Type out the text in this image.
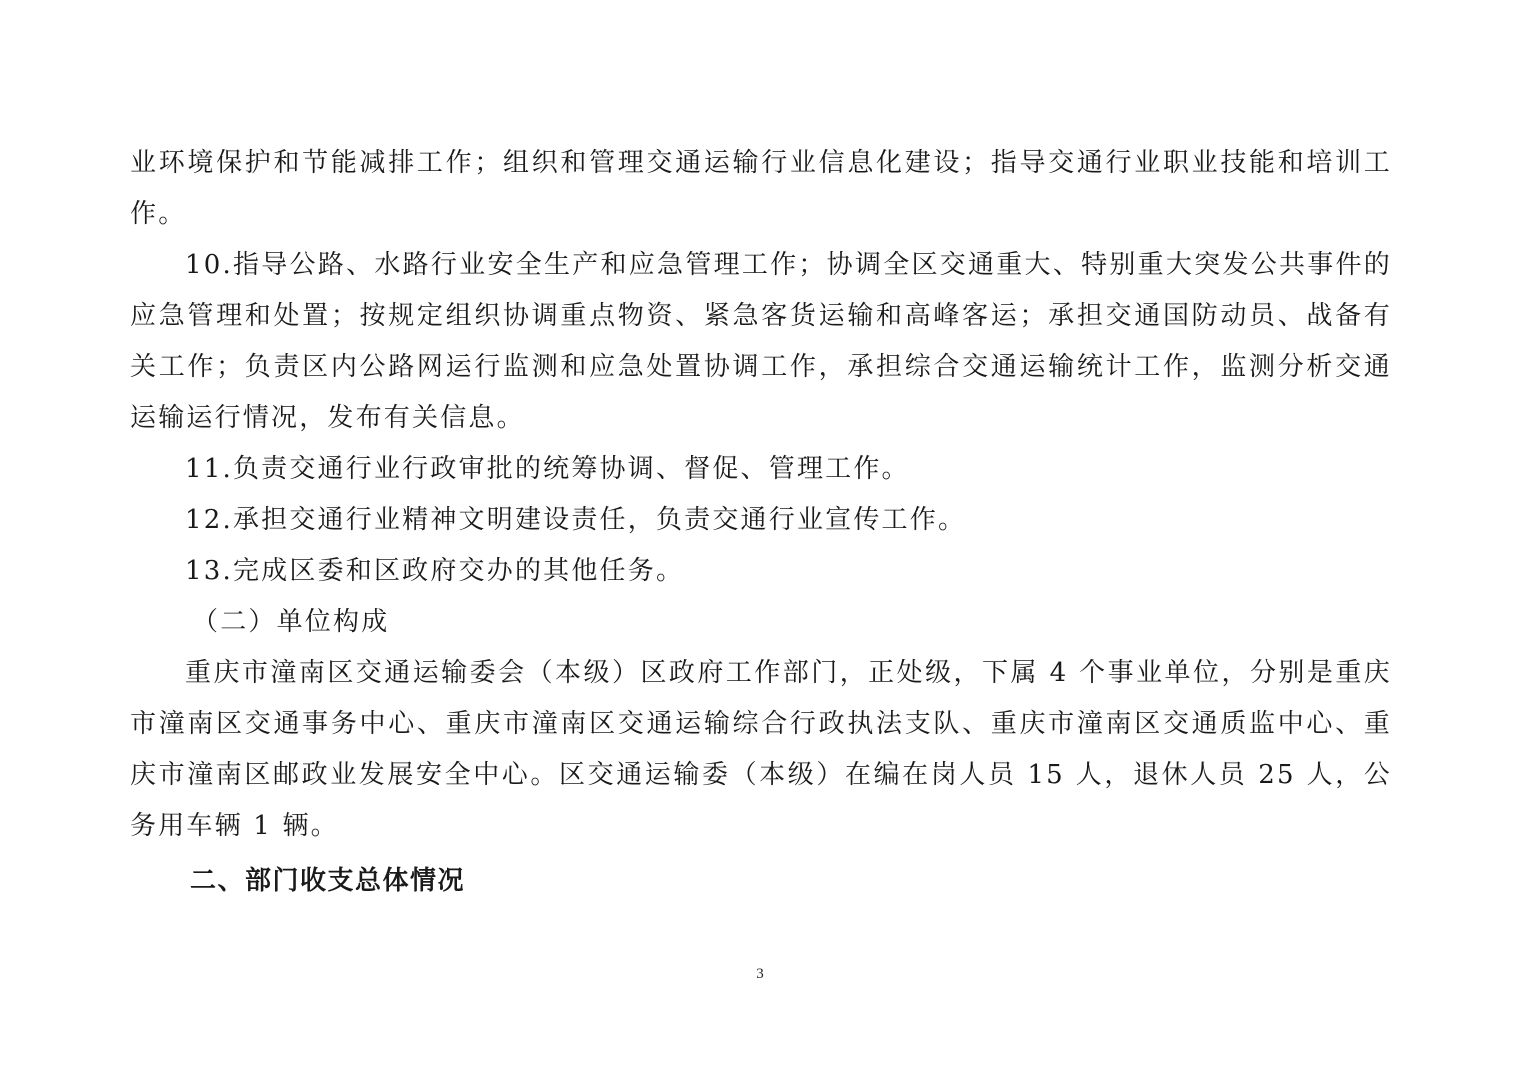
业环境保护和节能减排工作；组织和管理交通运输行业信息化建设；指导交通行业职业技能和培训工作。

10.指导公路、水路行业安全生产和应急管理工作；协调全区交通重大、特别重大突发公共事件的应急管理和处置；按规定组织协调重点物资、紧急客货运输和高峰客运；承担交通国防动员、战备有关工作；负责区内公路网运行监测和应急处置协调工作，承担综合交通运输统计工作，监测分析交通运输运行情况，发布有关信息。

11.负责交通行业行政审批的统筹协调、督促、管理工作。

12.承担交通行业精神文明建设责任，负责交通行业宣传工作。

13.完成区委和区政府交办的其他任务。

（二）单位构成

重庆市潼南区交通运输委会（本级）区政府工作部门，正处级，下属 4 个事业单位，分别是重庆市潼南区交通事务中心、重庆市潼南区交通运输综合行政执法支队、重庆市潼南区交通质监中心、重庆市潼南区邮政业发展安全中心。区交通运输委（本级）在编在岗人员 15 人，退休人员 25 人，公务用车辆 1 辆。

二、部门收支总体情况

3
